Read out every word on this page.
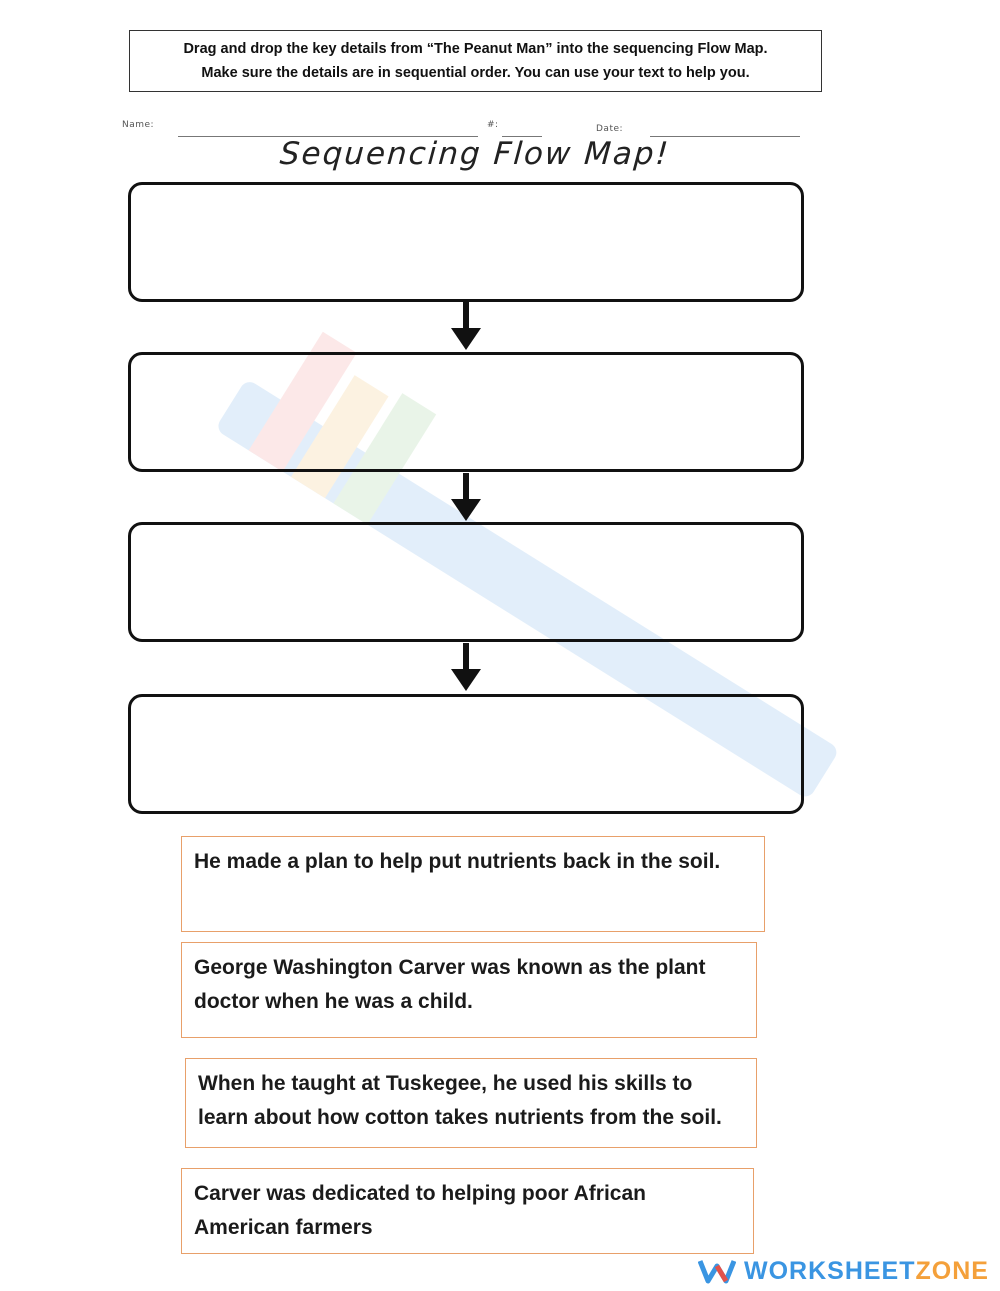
Drag and drop the key details from “The Peanut Man” into the sequencing Flow Map.
Make sure the details are in sequential order. You can use your text to help you.
Name:	#:	Date:
Sequencing Flow Map!
He made a plan to help put nutrients back in the soil.
George Washington Carver was known as the plant doctor when he was a child.
When he taught at Tuskegee, he used his skills to learn about how cotton takes nutrients from the soil.
Carver was dedicated to helping poor African American farmers
WORKSHEETZONE
